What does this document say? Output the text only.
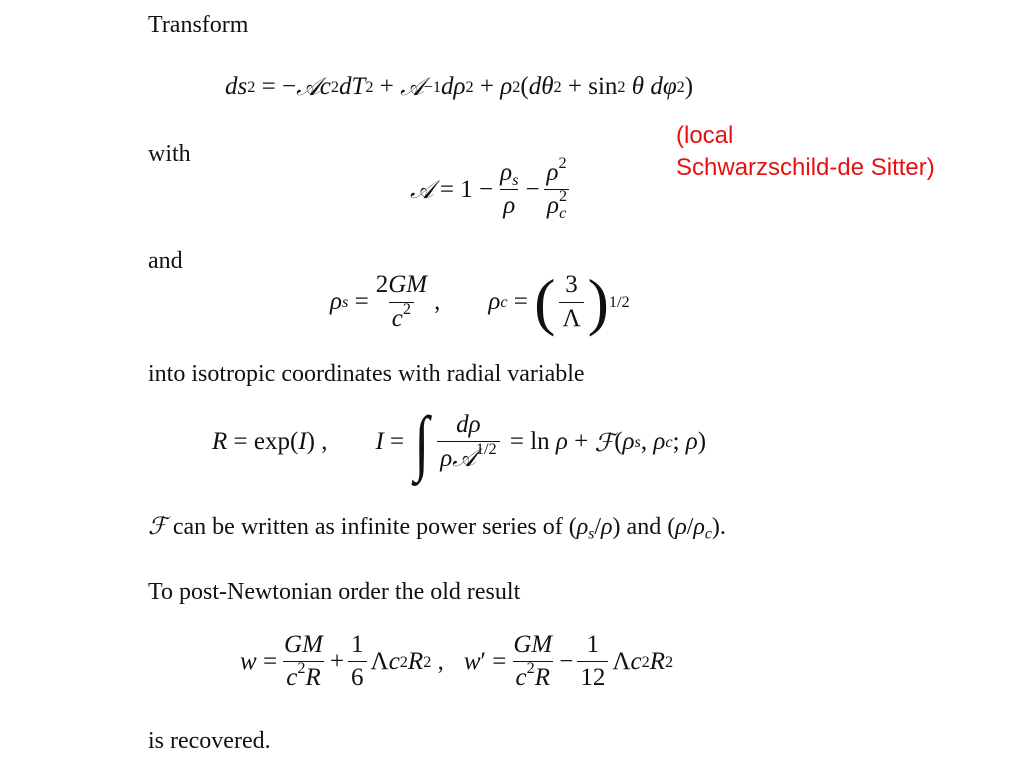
Transform
ds 2 = − 𝒜 c 2 dT 2 + 𝒜 −1 dρ 2 + ρ 2 ( dθ 2 + sin 2
θ
dφ 2 )
(local
Schwarzschild-de Sitter)
with
𝒜 = $1 - \frac{\rho_s}{\rho} - \frac{\rho^2}{\rho^2_c}$
and
ρ $s = \frac{2GM}{c^2}$ , ρ c = ( $\frac{3}{\Lambda}$ ) 1/2
into isotropic coordinates with radial variable
R = exp( I ) , I = ∫ $\frac{d\rho}{\rho 𝒜^{1/2}} = \ln \rho$ + ℱ ( ρ s , ρ c ; ρ )
ℱ can be written as infinite power series of $(\rho_s/\rho)$ and $(\rho/\rho_c)$.
To post-Newtonian order the old result
$w = \frac{GM}{c^2R} + \frac{1}{6}$ Λ c 2 R 2 , w ′ = $\frac{GM}{c^2R} - \frac{1}{12}$ Λ c 2 R 2
is recovered.
